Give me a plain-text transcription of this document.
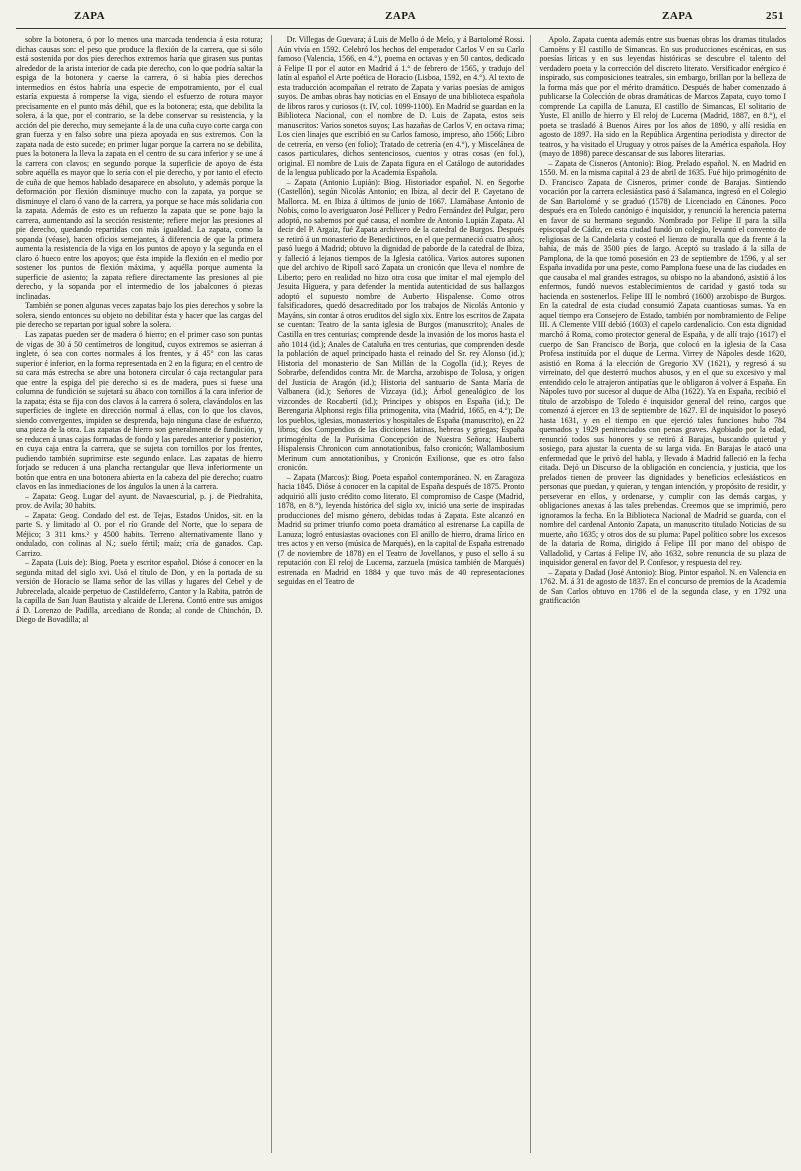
ZAPA	ZAPA	ZAPA	251

sobre la botonera, ó por lo menos una marcada tendencia á esta rotura; dichas causas son: el peso que produce la flexión de la carrera, que si sólo está sostenida por dos pies derechos extremos haría que girasen sus puntas alrededor de la arista interior de cada pie derecho, con lo que podría saltar la espiga de la botonera y caerse la carrera, ó si había pies derechos intermedios en éstos habría una especie de empotramiento, por el cual estaría expuesta á romperse la viga, siendo el esfuerzo de rotura mayor precisamente en el punto más débil, que es la botonera; esta, que debilita la solera, á la que, por el contrario, se la debe conservar su resistencia, y la acción del pie derecho, muy semejante á la de una cuña cuyo corte carga con gran fuerza y en falso sobre una pieza apoyada en sus extremos. Con la zapata nada de esto sucede; en primer lugar porque la carrera no se debilita, pues la botonera la lleva la zapata en el centro de su cara inferior y se une á la carrera con clavos; en segundo porque la superficie de apoyo de ésta sobre aquélla es mayor que lo sería con el pie derecho, y por tanto el efecto de cuña de que hemos hablado desaparece en absoluto, y además porque la deformación por flexión disminuye mucho con la zapata, ya porque se disminuye el claro ó vano de la carrera, ya porque se hace más solidaria con la zapata. Además de esto es un refuerzo la zapata que se pone bajo la carrera, aumentando así la sección resistente; refiere mejor las presiones al pie derecho, quedando repartidas con más igualdad. La zapata, como la sopanda (véase), hacen oficios semejantes, á diferencia de que la primera aumenta la resistencia de la viga en los puntos de apoyo y la segunda en el claro ó hueco entre los apoyos; que ésta impide la flexión en el medio por sostener los puntos de flexión máxima, y aquélla porque aumenta la superficie de asiento; la zapata refiere directamente las presiones al pie derecho, y la sopanda por el intermedio de los jabalcones ó piezas inclinadas.

También se ponen algunas veces zapatas bajo los pies derechos y sobre la solera, siendo entonces su objeto no debilitar ésta y hacer que las cargas del pie derecho se repartan por igual sobre la solera.

Las zapatas pueden ser de madera ó hierro; en el primer caso son puntas de vigas de 30 á 50 centímetros de longitud, cuyos extremos se asierran á inglete, ó sea con cortes normales á los frentes, y á 45° con las caras superior é inferior, en la forma representada en 2 en la figura; en el centro de su cara más estrecha se abre una botonera circular ó caja rectangular para que entre la espiga del pie derecho si es de madera, pues si fuese una columna de fundición se sujetará su ábaco con tornillos á la cara inferior de la zapata; ésta se fija con dos clavos á la carrera ó solera, clavándolos en las superficies de inglete en dirección normal á ellas, con lo que los clavos, siendo convergentes, impiden se desprenda, bajo ninguna clase de esfuerzo, una pieza de la otra. Las zapatas de hierro son generalmente de fundición, y se reducen á unas cajas formadas de fondo y las paredes anterior y posterior, en cuya caja entra la carrera, que se sujeta con tornillos por los frentes, pudiendo también suprimirse este segundo enlace. Las zapatas de hierro forjado se reducen á una plancha rectangular que lleva inferiormente un botón que entra en una botonera abierta en la cabeza del pie derecho; cuatro clavos en las inmediaciones de los ángulos la unen á la carrera.

– Zapata: Geog. Lugar del ayunt. de Navaescurial, p. j. de Piedrahita, prov. de Avila; 30 habits.

– Zapata: Geog. Condado del est. de Tejas, Estados Unidos, sit. en la parte S. y limitado al O. por el río Grande del Norte, que lo separa de Méjico; 3 311 kms.² y 4500 habits. Terreno alternativamente llano y ondulado, con colinas al N.; suelo fértil; maíz; cría de ganados. Cap. Carrizo.

– Zapata (Luis de): Biog. Poeta y escritor español. Dióse á conocer en la segunda mitad del siglo xvi. Usó el título de Don, y en la portada de su versión de Horacio se llama señor de las villas y lugares del Cebel y de Jubrecelada, alcaide perpetuo de Castildeferro, Cantor y la Rabita, patrón de la capilla de San Juan Bautista y alcaide de Llerena. Contó entre sus amigos á D. Lorenzo de Padilla, arcediano de Ronda; al conde de Chinchón, D. Diego de Bovadilla; al

Dr. Villegas de Guevara; á Luis de Mello ó de Melo, y á Bartolomé Rossi. Aún vivía en 1592. Celebró los hechos del emperador Carlos V en su Carlo famoso (Valencia, 1566, en 4.°), poema en octavas y en 50 cantos, dedicado á Felipe II por el autor en Madrid á 1.° de febrero de 1565, y tradujo del latín al español el Arte poética de Horacio (Lisboa, 1592, en 4.°). Al texto de esta traducción acompañan el retrato de Zapata y varias poesías de amigos suyos. De ambas obras hay noticias en el Ensayo de una biblioteca española de libros raros y curiosos (t. IV, col. 1099-1100). En Madrid se guardan en la Biblioteca Nacional, con el nombre de D. Luis de Zapata, estos seis manuscritos: Varios sonetos suyos; Las hazañas de Carlos V, en octava rima; Los cien linajes que escribió en su Carlos famoso, impreso, año 1566; Libro de cetrería, en verso (en folio); Tratado de cetrería (en 4.°), y Miscelánea de casos particulares, dichos sentenciosos, cuentos y otras cosas (en fol.), original. El nombre de Luis de Zapata figura en el Catálogo de autoridades de la lengua publicado por la Academia Española.

– Zapata (Antonio Lupián): Biog. Historiador español. N. en Segorbe (Castellón), según Nicolás Antonio; en Ibiza, al decir del P. Cayetano de Mallorca. M. en Ibiza á últimos de junio de 1667. Llamábase Antonio de Nobis, como lo averiguaron José Pellicer y Pedro Fernández del Pulgar, pero adoptó, no sabemos por qué causa, el nombre de Antonio Lupián Zapata. Al decir del P. Argaiz, fué Zapata archivero de la catedral de Burgos. Después se retiró á un monasterio de Benedictinos, en el que permaneció cuatro años; pasó luego á Madrid; obtuvo la dignidad de paborde de la catedral de Ibiza, y falleció á lejanos tiempos de la Iglesia católica. Varios autores suponen que del archivo de Ripoll sacó Zapata un cronicón que lleva el nombre de Liberto; pero en realidad no hizo otra cosa que imitar el mal ejemplo del Jesuita Higuera, y para defender la mentida autenticidad de sus hallazgos adoptó el supuesto nombre de Auberto Hispalense. Como otros falsificadores, quedó desacreditado por los trabajos de Nicolás Antonio y Mayáns, sin contar á otros eruditos del siglo xix. Entre los escritos de Zapata se cuentan: Teatro de la santa iglesia de Burgos (manuscrito); Anales de Castilla en tres centurias; comprende desde la invasión de los moros hasta el año 1014 (id.); Anales de Cataluña en tres centurias, que comprenden desde la población de aquel principado hasta el reinado del Sr. rey Alonso (id.); Historia del monasterio de San Millán de la Cogolla (id.); Reyes de Sobrarbe, defendidos contra Mr. de Marcha, arzobispo de Tolosa, y origen del Justicia de Aragón (id.); Historia del santuario de Santa María de Valbanera (id.); Señores de Vizcaya (id.); Árbol genealógico de los vizcondes de Rocabertí (id.); Principes y obispos en España (id.); De Berengaria Alphonsi regis filia primogenita, vita (Madrid, 1665, en 4.°); De los pueblos, iglesias, monasterios y hospitales de España (manuscrito), en 22 libros; dos Compendios de las dicciones latinas, hebreas y griegas; España primogénita de la Purísima Concepción de Nuestra Señora; Hauberti Hispalensis Chronicon cum annotationibus, falso cronicón; Wallambosium Merinum cum annotationibus, y Cronicón Exilionse, que es otro falso cronicón.

– Zapata (Marcos): Biog. Poeta español contemporáneo. N. en Zaragoza hacia 1845. Dióse á conocer en la capital de España después de 1875. Pronto adquirió allí justo crédito como literato. El compromiso de Caspe (Madrid, 1878, en 8.°), leyenda histórica del siglo xv, inició una serie de inspiradas producciones del mismo género, debidas todas á Zapata. Este alcanzó en Madrid su primer triunfo como poeta dramático al estrenarse La capilla de Lanuza; logró entusiastas ovaciones con El anillo de hierro, drama lírico en tres actos y en verso (música de Marqués), en la capital de España estrenado (7 de noviembre de 1878) en el Teatro de Jovellanos, y puso el sello á su reputación con El reloj de Lucerna, zarzuela (música también de Marqués) estrenada en Madrid en 1884 y que tuvo más de 40 representaciones seguidas en el Teatro de

Apolo. Zapata cuenta además entre sus buenas obras los dramas titulados Camoëns y El castillo de Simancas. En sus producciones escénicas, en sus poesías líricas y en sus leyendas históricas se descubre el talento del verdadero poeta y la corrección del discreto literato. Versificador enérgico é inspirado, sus composiciones teatrales, sin embargo, brillan por la belleza de la forma más que por el mérito dramático. Después de haber comenzado á publicarse la Colección de obras dramáticas de Marcos Zapata, cuyo tomo I comprende La capilla de Lanuza, El castillo de Simancas, El solitario de Yuste, El anillo de hierro y El reloj de Lucerna (Madrid, 1887, en 8.°), el poeta se trasladó á Buenos Aires por los años de 1890, y allí residía en agosto de 1897. Ha sido en la República Argentina periodista y director de teatros, y ha visitado el Uruguay y otros países de la América española. Hoy (mayo de 1898) parece descansar de sus labores literarias.

– Zapata de Cisneros (Antonio): Biog. Prelado español. N. en Madrid en 1550. M. en la misma capital á 23 de abril de 1635. Fué hijo primogénito de D. Francisco Zapata de Cisneros, primer conde de Barajas. Sintiendo vocación por la carrera eclesiástica pasó á Salamanca, ingresó en el Colegio de San Bartolomé y se graduó (1578) de Licenciado en Cánones. Poco después era en Toledo canónigo é inquisidor, y renunció la herencia paterna en favor de su hermano segundo. Nombrado por Felipe II para la silla episcopal de Cádiz, en esta ciudad fundó un colegio, levantó el convento de religiosas de la Candelaria y costeó el lienzo de muralla que da frente á la bahía, de más de 3500 pies de largo. Aceptó su traslado á la silla de Pamplona, de la que tomó posesión en 23 de septiembre de 1596, y al ser España invadida por una peste, como Pamplona fuese una de las ciudades en que causaba el mal grandes estragos, su obispo no la abandonó, asistió á los enfermos, fundó nuevos establecimientos de caridad y gastó toda su hacienda en sostenerlos. Felipe III le nombró (1600) arzobispo de Burgos. En la catedral de esta ciudad consumió Zapata cuantiosas sumas. Ya en aquel tiempo era Consejero de Estado, también por nombramiento de Felipe III. A Clemente VIII debió (1603) el capelo cardenalicio. Con esta dignidad marchó á Roma, como protector general de España, y de allí trajo (1617) el cuerpo de San Francisco de Borja, que colocó en la iglesia de la Casa Profesa instituída por el duque de Lerma. Virrey de Nápoles desde 1620, asistió en Roma á la elección de Gregorio XV (1621), y regresó á su virreinato, del que desterró muchos abusos, y en el que su excesivo y mal entendido celo le atrajeron antipatías que le obligaron á volver á España. En Nápoles tuvo por sucesor al duque de Alba (1622). Ya en España, recibió el título de arzobispo de Toledo é inquisidor general del reino, cargos que comenzó á ejercer en 13 de septiembre de 1627. El de inquisidor lo poseyó hasta 1631, y en el tiempo en que ejerció tales funciones hubo 784 quemados y 1929 penitenciados con penas graves. Agobiado por la edad, renunció todos sus honores y se retiró á Barajas, buscando quietud y sosiego, para ajustar la cuenta de su larga vida. En Barajas le atacó una enfermedad que le privó del habla, y llevado á Madrid falleció en la fecha citada. Dejó un Discurso de la obligación en conciencia, y justicia, que los prelados tienen de proveer las dignidades y beneficios eclesiásticos en personas que puedan, y quieran, y tengan intención, y propósito de residir, y perseverar en ellos, y ordenarse, y cumplir con las demás cargas, y obligaciones anexas á las tales prebendas. Creemos que se imprimió, pero ignoramos la fecha. En la Biblioteca Nacional de Madrid se guarda, con el nombre del cardenal Antonio Zapata, un manuscrito titulado Noticias de su muerte, año 1635; y otros dos de su pluma: Papel político sobre los excesos de la dataria de Roma, dirigido á Felipe III por mano del obispo de Valladolid, y Cartas á Felipe IV, año 1632, sobre renuncia de su plaza de inquisidor general en favor del P. Confesor, y respuesta del rey.

– Zapata y Dadad (José Antonio): Biog. Pintor español. N. en Valencia en 1762. M. á 31 de agosto de 1837. En el concurso de premios de la Academia de San Carlos obtuvo en 1786 el de la segunda clase, y en 1792 una gratificación
